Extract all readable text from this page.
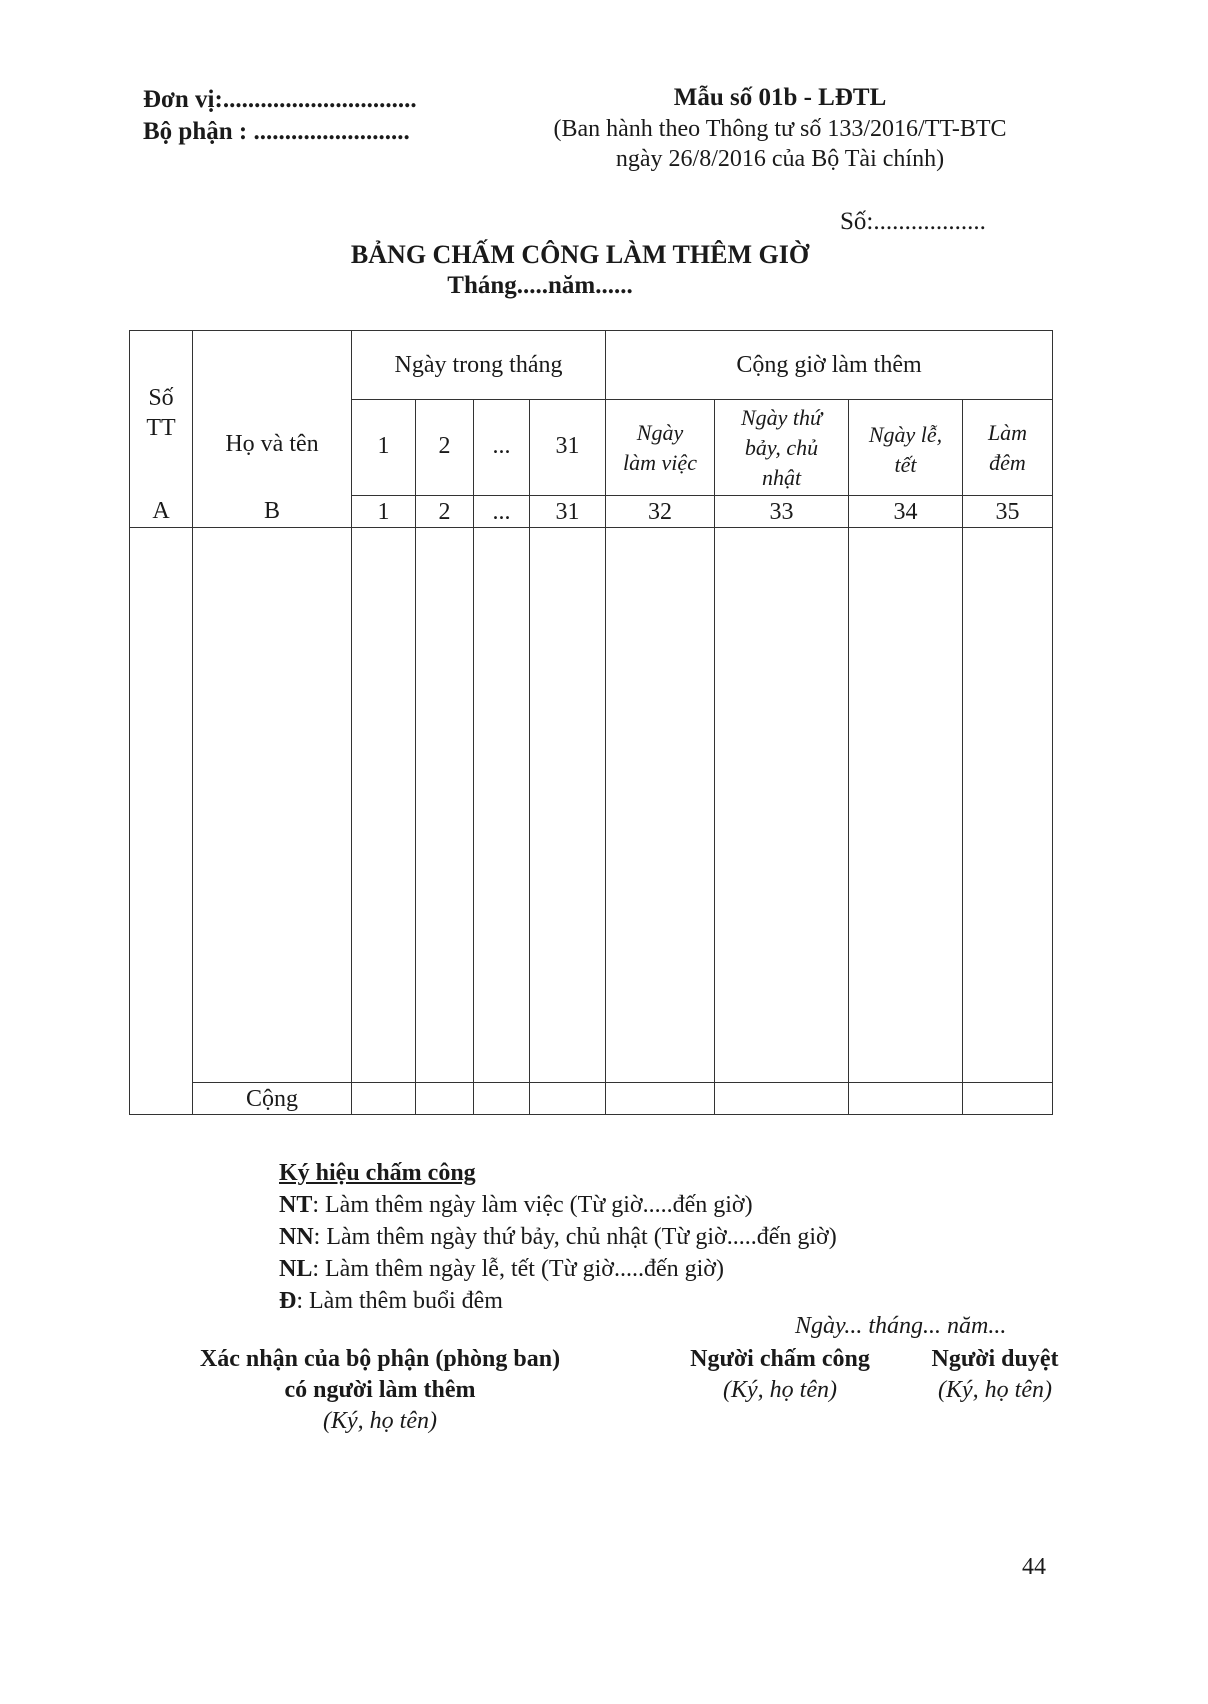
Đơn vị:...............................
Bộ phận : .........................
Mẫu số 01b - LĐTL
(Ban hành theo Thông tư số 133/2016/TT-BTC
ngày 26/8/2016 của Bộ Tài chính)
Số:..................
BẢNG CHẤM CÔNG LÀM THÊM GIỜ
Tháng.....năm......
Số TT	Họ và tên	Ngày trong tháng				Cộng giờ làm thêm			
		1	2	...	31	Ngày làm việc	Ngày thứ bảy, chủ nhật	Ngày lễ, tết	Làm đêm
A	B	1	2	...	31	32	33	34	35

	Cộng								
Ký hiệu chấm công
NT: Làm thêm ngày làm việc (Từ giờ.....đến giờ)
NN: Làm thêm ngày thứ bảy, chủ nhật (Từ giờ.....đến giờ)
NL: Làm thêm ngày lễ, tết (Từ giờ.....đến giờ)
Đ: Làm thêm buổi đêm
Ngày... tháng... năm...
Xác nhận của bộ phận (phòng ban)
có người làm thêm
(Ký, họ tên)
Người chấm công
(Ký, họ tên)
Người duyệt
(Ký, họ tên)
44
